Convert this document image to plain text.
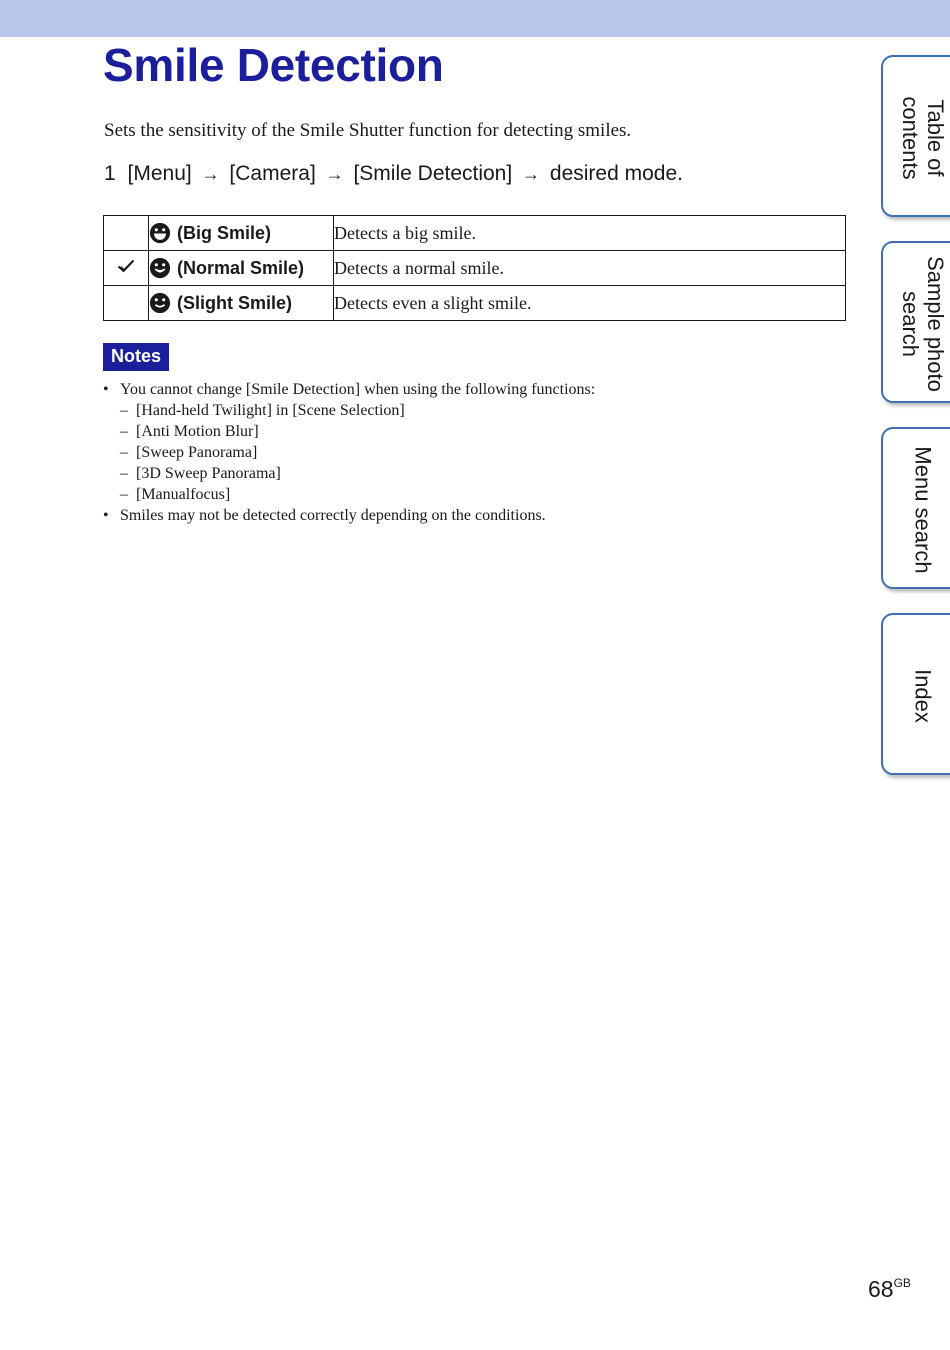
Smile Detection
Sets the sensitivity of the Smile Shutter function for detecting smiles.
1 [Menu] → [Camera] → [Smile Detection] → desired mode.
	(Big Smile)	Detects a big smile.
	(Normal Smile)	Detects a normal smile.
	(Slight Smile)	Detects even a slight smile.
Notes
• You cannot change [Smile Detection] when using the following functions:
– [Hand-held Twilight] in [Scene Selection]
– [Anti Motion Blur]
– [Sweep Panorama]
– [3D Sweep Panorama]
– [Manualfocus]
• Smiles may not be detected correctly depending on the conditions.
Table of
contents
Sample photo
search
Menu search
Index
$68^{GB}$
